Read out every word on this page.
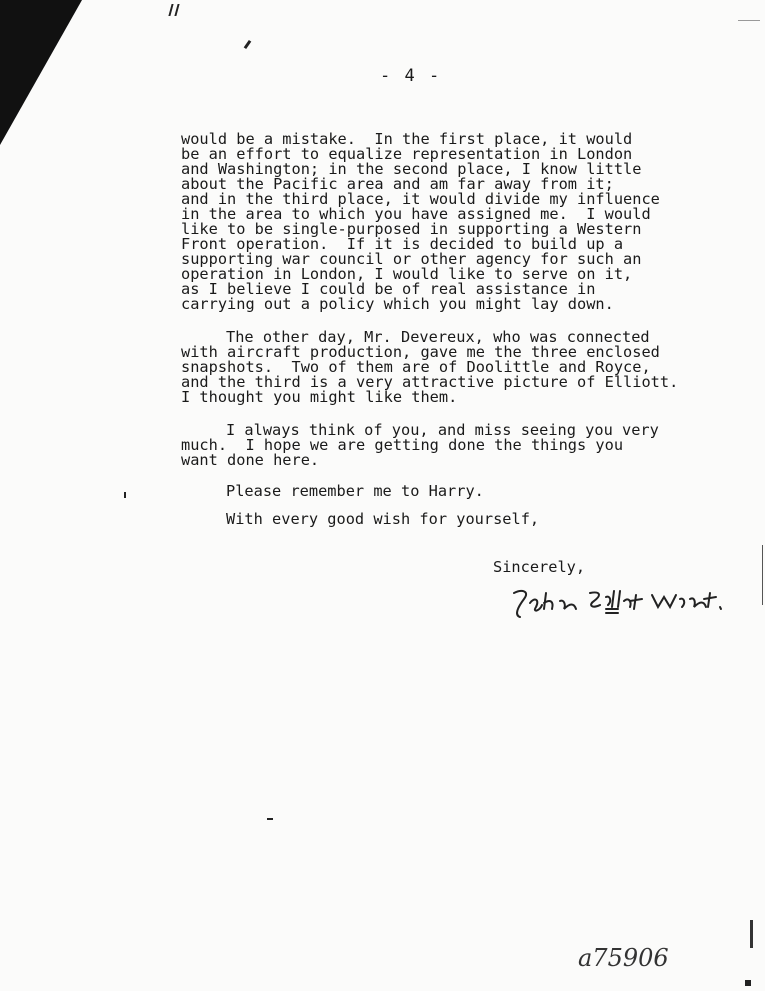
- 4 -
would be a mistake.  In the first place, it would
be an effort to equalize representation in London
and Washington; in the second place, I know little
about the Pacific area and am far away from it;
and in the third place, it would divide my influence
in the area to which you have assigned me.  I would
like to be single-purposed in supporting a Western
Front operation.  If it is decided to build up a
supporting war council or other agency for such an
operation in London, I would like to serve on it,
as I believe I could be of real assistance in
carrying out a policy which you might lay down.
The other day, Mr. Devereux, who was connected
with aircraft production, gave me the three enclosed
snapshots.  Two of them are of Doolittle and Royce,
and the third is a very attractive picture of Elliott.
I thought you might like them.
I always think of you, and miss seeing you very
much.  I hope we are getting done the things you
want done here.
Please remember me to Harry.
With every good wish for yourself,
Sincerely,
a75906
